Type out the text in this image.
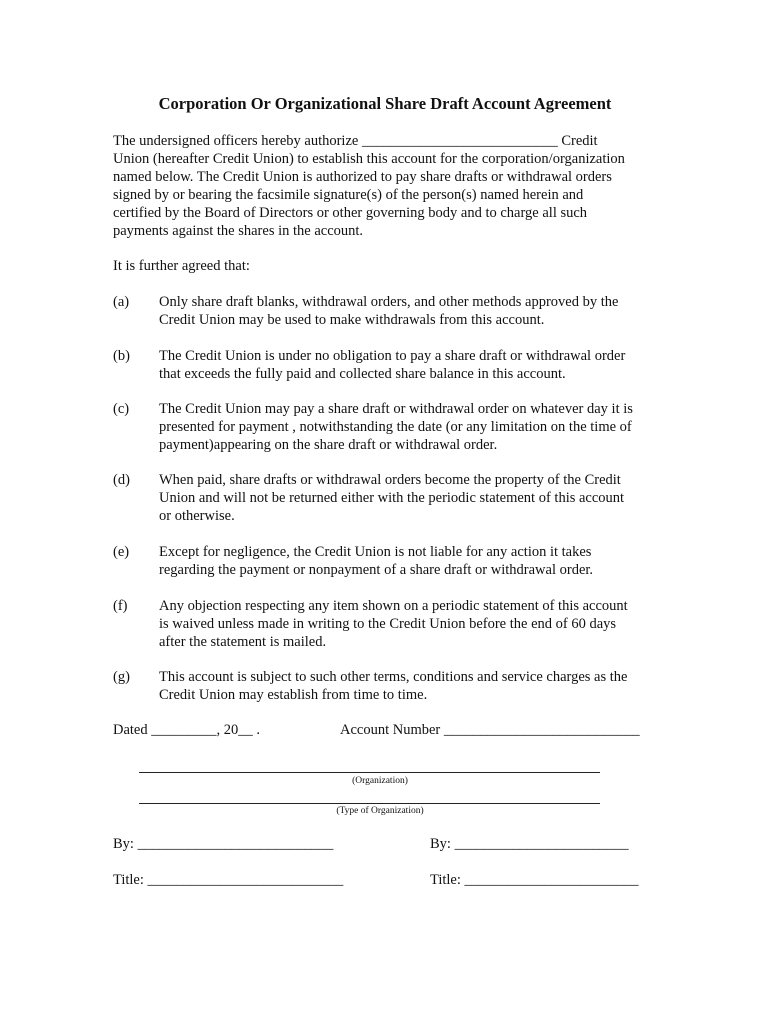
Corporation Or Organizational Share Draft Account Agreement
The undersigned officers hereby authorize ___________________________ Credit
Union (hereafter Credit Union) to establish this account for the corporation/organization
named below. The Credit Union is authorized to pay share drafts or withdrawal orders
signed by or bearing the facsimile signature(s) of the person(s) named herein and
certified by the Board of Directors or other governing body and to charge all such
payments against the shares in the account.

It is further agreed that:

(a)	Only share draft blanks, withdrawal orders, and other methods approved by the
Credit Union may be used to make withdrawals from this account.
(b)	The Credit Union is under no obligation to pay a share draft or withdrawal order
that exceeds the fully paid and collected share balance in this account.
(c)	The Credit Union may pay a share draft or withdrawal order on whatever day it is
presented for payment , notwithstanding the date (or any limitation on the time of
payment)appearing on the share draft or withdrawal order.
(d)	When paid, share drafts or withdrawal orders become the property of the Credit
Union and will not be returned either with the periodic statement of this account
or otherwise.
(e)	Except for negligence, the Credit Union is not liable for any action it takes
regarding the payment or nonpayment of a share draft or withdrawal order.
(f)	Any objection respecting any item shown on a periodic statement of this account
is waived unless made in writing to the Credit Union before the end of 60 days
after the statement is mailed.
(g)	This account is subject to such other terms, conditions and service charges as the
Credit Union may establish from time to time.
Dated _________, 20__ .	Account Number ___________________________
(Organization)
(Type of Organization)
By: ___________________________	By: ________________________
Title: ___________________________	Title: ________________________
